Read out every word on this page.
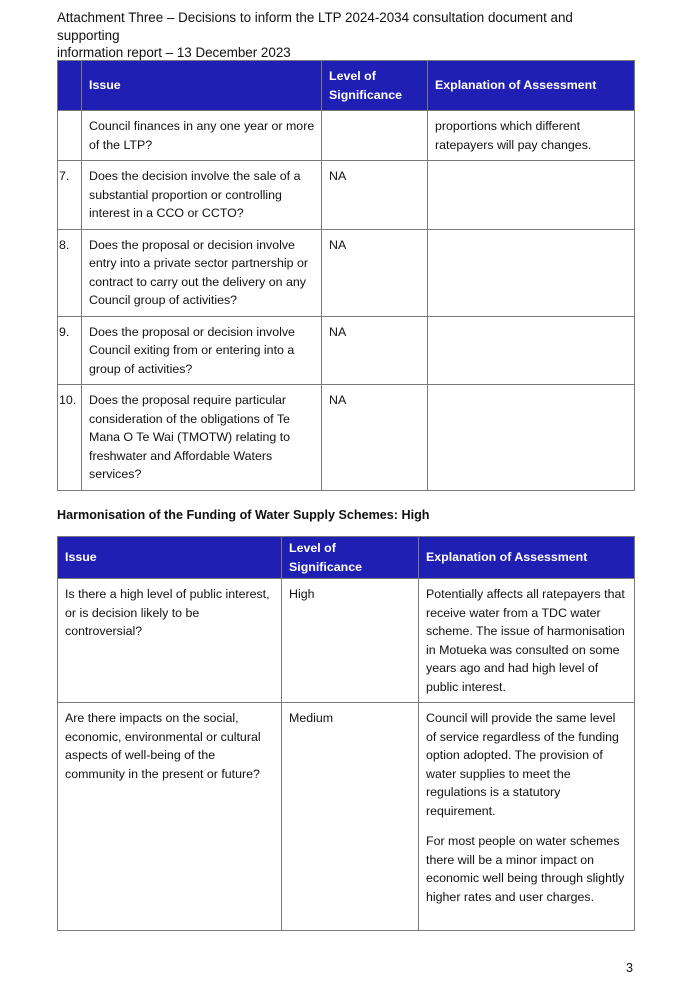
Attachment Three – Decisions to inform the LTP 2024-2034 consultation document and supporting
information report – 13 December 2023
	Issue	Level of Significance	Explanation of Assessment
	Council finances in any one year or more of the LTP?		proportions which different ratepayers will pay changes.
7.	Does the decision involve the sale of a substantial proportion or controlling interest in a CCO or CCTO?	NA	
8.	Does the proposal or decision involve entry into a private sector partnership or contract to carry out the delivery on any Council group of activities?	NA	
9.	Does the proposal or decision involve Council exiting from or entering into a group of activities?	NA	
10.	Does the proposal require particular consideration of the obligations of Te Mana O Te Wai (TMOTW) relating to freshwater and Affordable Waters services?	NA	
Harmonisation of the Funding of Water Supply Schemes: High
Issue	Level of Significance	Explanation of Assessment
Is there a high level of public interest, or is decision likely to be controversial?	High	Potentially affects all ratepayers that receive water from a TDC water scheme. The issue of harmonisation in Motueka was consulted on some years ago and had high level of public interest.

Are there impacts on the social, economic, environmental or cultural aspects of well-being of the community in the present or future?	Medium	Council will provide the same level of service regardless of the funding option adopted. The provision of water supplies to meet the regulations is a statutory requirement.

For most people on water schemes there will be a minor impact on economic well being through slightly higher rates and user charges.

3
